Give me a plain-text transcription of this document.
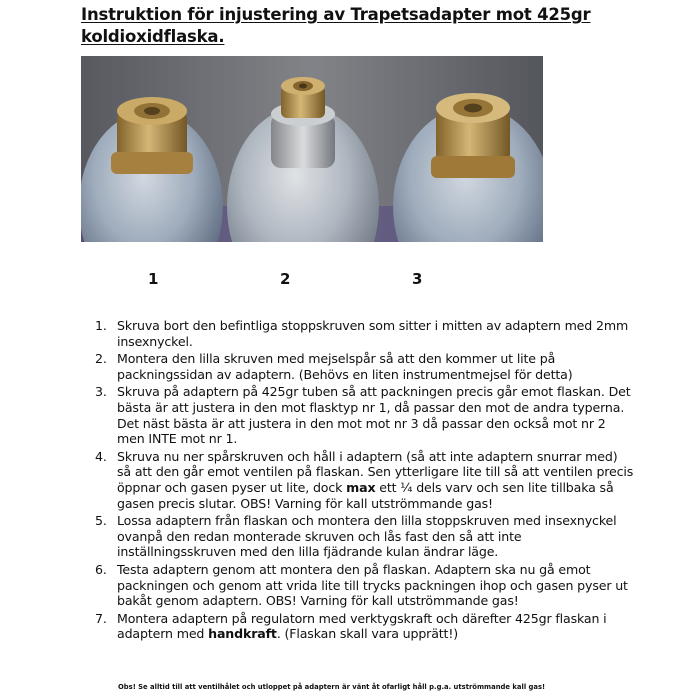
Instruktion för injustering av Trapetsadapter mot 425gr koldioxidflaska.
1	2	3
1. Skruva bort den befintliga stoppskruven som sitter i mitten av adaptern med 2mm insexnyckel.
2. Montera den lilla skruven med mejselspår så att den kommer ut lite på packningssidan av adaptern. (Behövs en liten instrumentmejsel för detta)
3. Skruva på adaptern på 425gr tuben så att packningen precis går emot flaskan. Det bästa är att justera in den mot flasktyp nr 1, då passar den mot de andra typerna. Det näst bästa är att justera in den mot mot nr 3 då passar den också mot nr 2 men INTE mot nr 1.
4. Skruva nu ner spårskruven och håll i adaptern (så att inte adaptern snurrar med) så att den går emot ventilen på flaskan. Sen ytterligare lite till så att ventilen precis öppnar och gasen pyser ut lite, dock max ett ¼ dels varv och sen lite tillbaka så gasen precis slutar. OBS! Varning för kall utströmmande gas!
5. Lossa adaptern från flaskan och montera den lilla stoppskruven med insexnyckel ovanpå den redan monterade skruven och lås fast den så att inte inställningsskruven med den lilla fjädrande kulan ändrar läge.
6. Testa adaptern genom att montera den på flaskan. Adaptern ska nu gå emot packningen och genom att vrida lite till trycks packningen ihop och gasen pyser ut bakåt genom adaptern. OBS! Varning för kall utströmmande gas!
7. Montera adaptern på regulatorn med verktygskraft och därefter 425gr flaskan i adaptern med handkraft. (Flaskan skall vara upprätt!)
Obs! Se alltid till att ventilhålet och utloppet på adaptern är vänt åt ofarligt håll p.g.a. utströmmande kall gas!
